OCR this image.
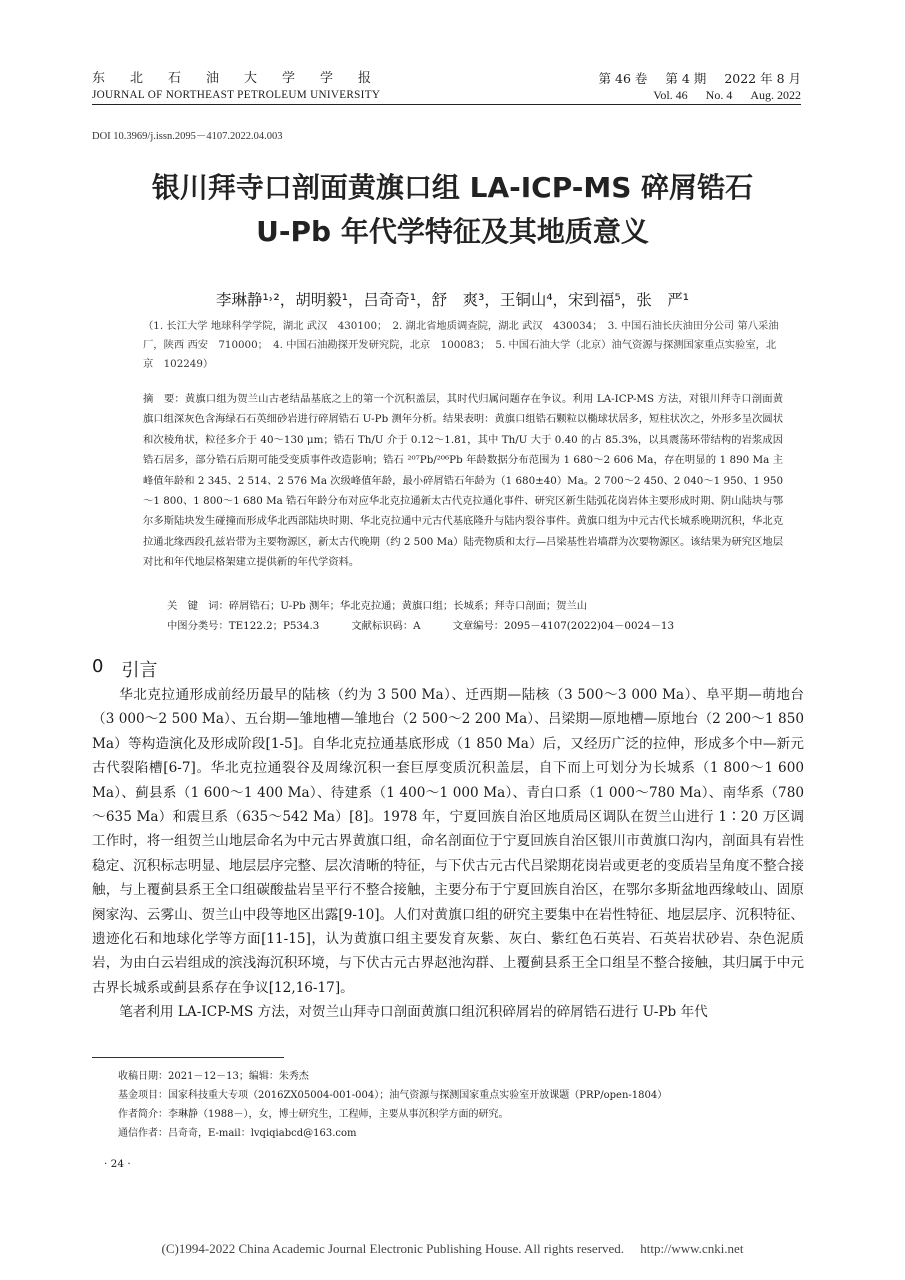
东北石油大学学报
JOURNAL OF NORTHEAST PETROLEUM UNIVERSITY
第 46 卷 第 4 期 2022 年 8 月
Vol. 46 No. 4 Aug. 2022
DOI 10.3969/j.issn.2095－4107.2022.04.003
银川拜寺口剖面黄旗口组 LA-ICP-MS 碎屑锆石
U-Pb 年代学特征及其地质意义
李琳静¹˒²，胡明毅¹，吕奇奇¹，舒　爽³，王铜山⁴，宋到福⁵，张　严¹
（1. 长江大学 地球科学学院，湖北 武汉　430100；　2. 湖北省地质调查院，湖北 武汉　430034；　3. 中国石油长庆油田分公司 第八采油厂，陕西 西安　710000；　4. 中国石油勘探开发研究院，北京　100083；　5. 中国石油大学（北京）油气资源与探测国家重点实验室，北京　102249）
摘　要：黄旗口组为贺兰山古老结晶基底之上的第一个沉积盖层，其时代归属问题存在争议。利用 LA-ICP-MS 方法，对银川拜寺口剖面黄旗口组深灰色含海绿石石英细砂岩进行碎屑锆石 U-Pb 测年分析。结果表明：黄旗口组锆石颗粒以椭球状居多，短柱状次之，外形多呈次圆状和次棱角状，粒径多介于 40～130 μm；锆石 Th/U 介于 0.12～1.81，其中 Th/U 大于 0.40 的占 85.3%，以具震荡环带结构的岩浆成因锆石居多，部分锆石后期可能受变质事件改造影响；锆石 ²⁰⁷Pb/²⁰⁶Pb 年龄数据分布范围为 1 680～2 606 Ma，存在明显的 1 890 Ma 主峰值年龄和 2 345、2 514、2 576 Ma 次级峰值年龄，最小碎屑锆石年龄为（1 680±40）Ma。2 700～2 450、2 040～1 950、1 950～1 800、1 800～1 680 Ma 锆石年龄分布对应华北克拉通新太古代克拉通化事件、研究区新生陆弧花岗岩体主要形成时期、阴山陆块与鄂尔多斯陆块发生碰撞而形成华北西部陆块时期、华北克拉通中元古代基底隆升与陆内裂谷事件。黄旗口组为中元古代长城系晚期沉积，华北克拉通北缘西段孔兹岩带为主要物源区，新太古代晚期（约 2 500 Ma）陆壳物质和太行—吕梁基性岩墙群为次要物源区。该结果为研究区地层对比和年代地层格架建立提供新的年代学资料。
关　键　词：碎屑锆石；U-Pb 测年；华北克拉通；黄旗口组；长城系；拜寺口剖面；贺兰山
中图分类号：TE122.2；P534.3	文献标识码：A	文章编号：2095－4107(2022)04－0024－13
0 引言

华北克拉通形成前经历最早的陆核（约为 3 500 Ma）、迁西期—陆核（3 500～3 000 Ma）、阜平期—萌地台（3 000～2 500 Ma）、五台期—雏地槽—雏地台（2 500～2 200 Ma）、吕梁期—原地槽—原地台（2 200～1 850 Ma）等构造演化及形成阶段[1-5]。自华北克拉通基底形成（1 850 Ma）后，又经历广泛的拉伸，形成多个中—新元古代裂陷槽[6-7]。华北克拉通裂谷及周缘沉积一套巨厚变质沉积盖层，自下而上可划分为长城系（1 800～1 600 Ma）、蓟县系（1 600～1 400 Ma）、待建系（1 400～1 000 Ma）、青白口系（1 000～780 Ma）、南华系（780～635 Ma）和震旦系（635～542 Ma）[8]。1978 年，宁夏回族自治区地质局区调队在贺兰山进行 1∶20 万区调工作时，将一组贺兰山地层命名为中元古界黄旗口组，命名剖面位于宁夏回族自治区银川市黄旗口沟内，剖面具有岩性稳定、沉积标志明显、地层层序完整、层次清晰的特征，与下伏古元古代吕梁期花岗岩或更老的变质岩呈角度不整合接触，与上覆蓟县系王全口组碳酸盐岩呈平行不整合接触，主要分布于宁夏回族自治区，在鄂尔多斯盆地西缘岐山、固原阕家沟、云雾山、贺兰山中段等地区出露[9-10]。人们对黄旗口组的研究主要集中在岩性特征、地层层序、沉积特征、遗迹化石和地球化学等方面[11-15]，认为黄旗口组主要发育灰紫、灰白、紫红色石英岩、石英岩状砂岩、杂色泥质岩，为由白云岩组成的滨浅海沉积环境，与下伏古元古界赵池沟群、上覆蓟县系王全口组呈不整合接触，其归属于中元古界长城系或蓟县系存在争议[12,16-17]。

笔者利用 LA-ICP-MS 方法，对贺兰山拜寺口剖面黄旗口组沉积碎屑岩的碎屑锆石进行 U-Pb 年代

收稿日期：2021－12－13；编辑：朱秀杰
基金项目：国家科技重大专项（2016ZX05004-001-004）；油气资源与探测国家重点实验室开放课题（PRP/open-1804）
作者简介：李琳静（1988－），女，博士研究生，工程师，主要从事沉积学方面的研究。
通信作者：吕奇奇，E-mail：lvqiqiabcd@163.com
· 24 ·
(C)1994-2022 China Academic Journal Electronic Publishing House. All rights reserved.　 http://www.cnki.net
